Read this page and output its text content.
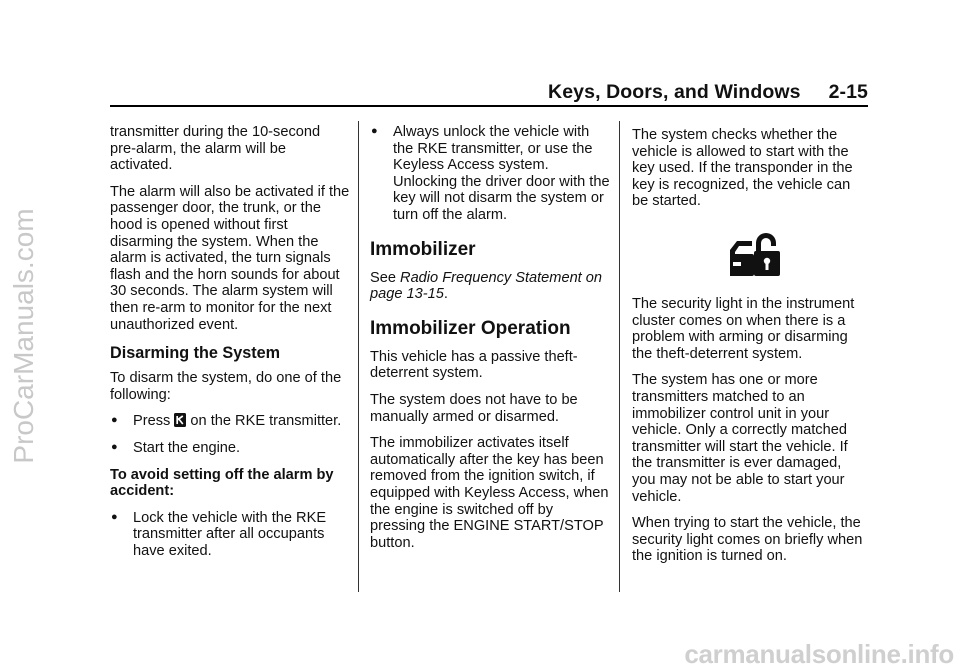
ProCarManuals.com
Keys, Doors, and Windows 2-15

transmitter during the 10-second pre-alarm, the alarm will be activated.

The alarm will also be activated if the passenger door, the trunk, or the hood is opened without first disarming the system. When the alarm is activated, the turn signals flash and the horn sounds for about 30 seconds. The alarm system will then re-arm to monitor for the next unauthorized event.

Disarming the System

To disarm the system, do one of the following:

●	Press  on the RKE transmitter.
●	Start the engine.

To avoid setting off the alarm by accident:

●	Lock the vehicle with the RKE transmitter after all occupants have exited.
●	Always unlock the vehicle with the RKE transmitter, or use the Keyless Access system. Unlocking the driver door with the key will not disarm the system or turn off the alarm.
Immobilizer

See Radio Frequency Statement on page 13-15.

Immobilizer Operation

This vehicle has a passive theft-deterrent system.

The system does not have to be manually armed or disarmed.

The immobilizer activates itself automatically after the key has been removed from the ignition switch, if equipped with Keyless Access, when the engine is switched off by pressing the ENGINE START/STOP button.

The system checks whether the vehicle is allowed to start with the key used. If the transponder in the key is recognized, the vehicle can be started.

The security light in the instrument cluster comes on when there is a problem with arming or disarming the theft-deterrent system.

The system has one or more transmitters matched to an immobilizer control unit in your vehicle. Only a correctly matched transmitter will start the vehicle. If the transmitter is ever damaged, you may not be able to start your vehicle.

When trying to start the vehicle, the security light comes on briefly when the ignition is turned on.

carmanualsonline.info
